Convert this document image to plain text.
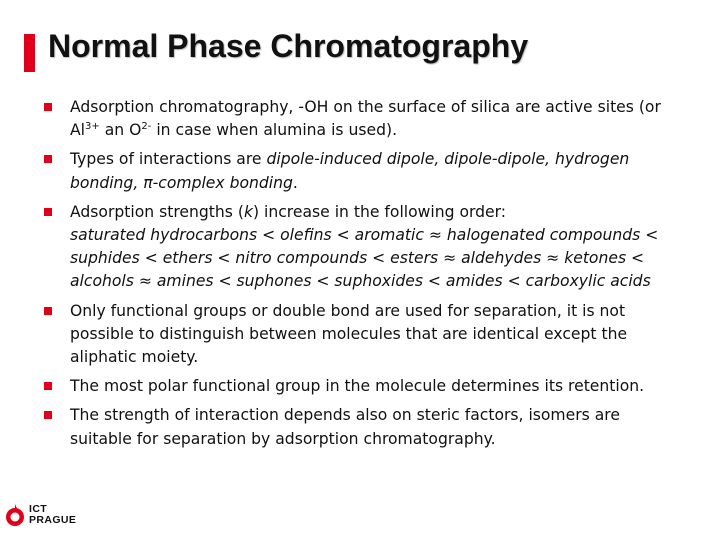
Normal Phase Chromatography
Adsorption chromatography, -OH on the surface of silica are active sites (or $Al^{3+}$ an $O^{2-}$ in case when alumina is used).
Types of interactions are dipole-induced dipole, dipole-dipole, hydrogen bonding, π-complex bonding.
Adsorption strengths (k) increase in the following order:
saturated hydrocarbons < olefins < aromatic ≈ halogenated compounds < suphides < ethers < nitro compounds < esters ≈ aldehydes ≈ ketones < alcohols ≈ amines < suphones < suphoxides < amides < carboxylic acids
Only functional groups or double bond are used for separation, it is not possible to distinguish between molecules that are identical except the aliphatic moiety.
The most polar functional group in the molecule determines its retention.
The strength of interaction depends also on steric factors, isomers are suitable for separation by adsorption chromatography.
ICT
PRAGUE
